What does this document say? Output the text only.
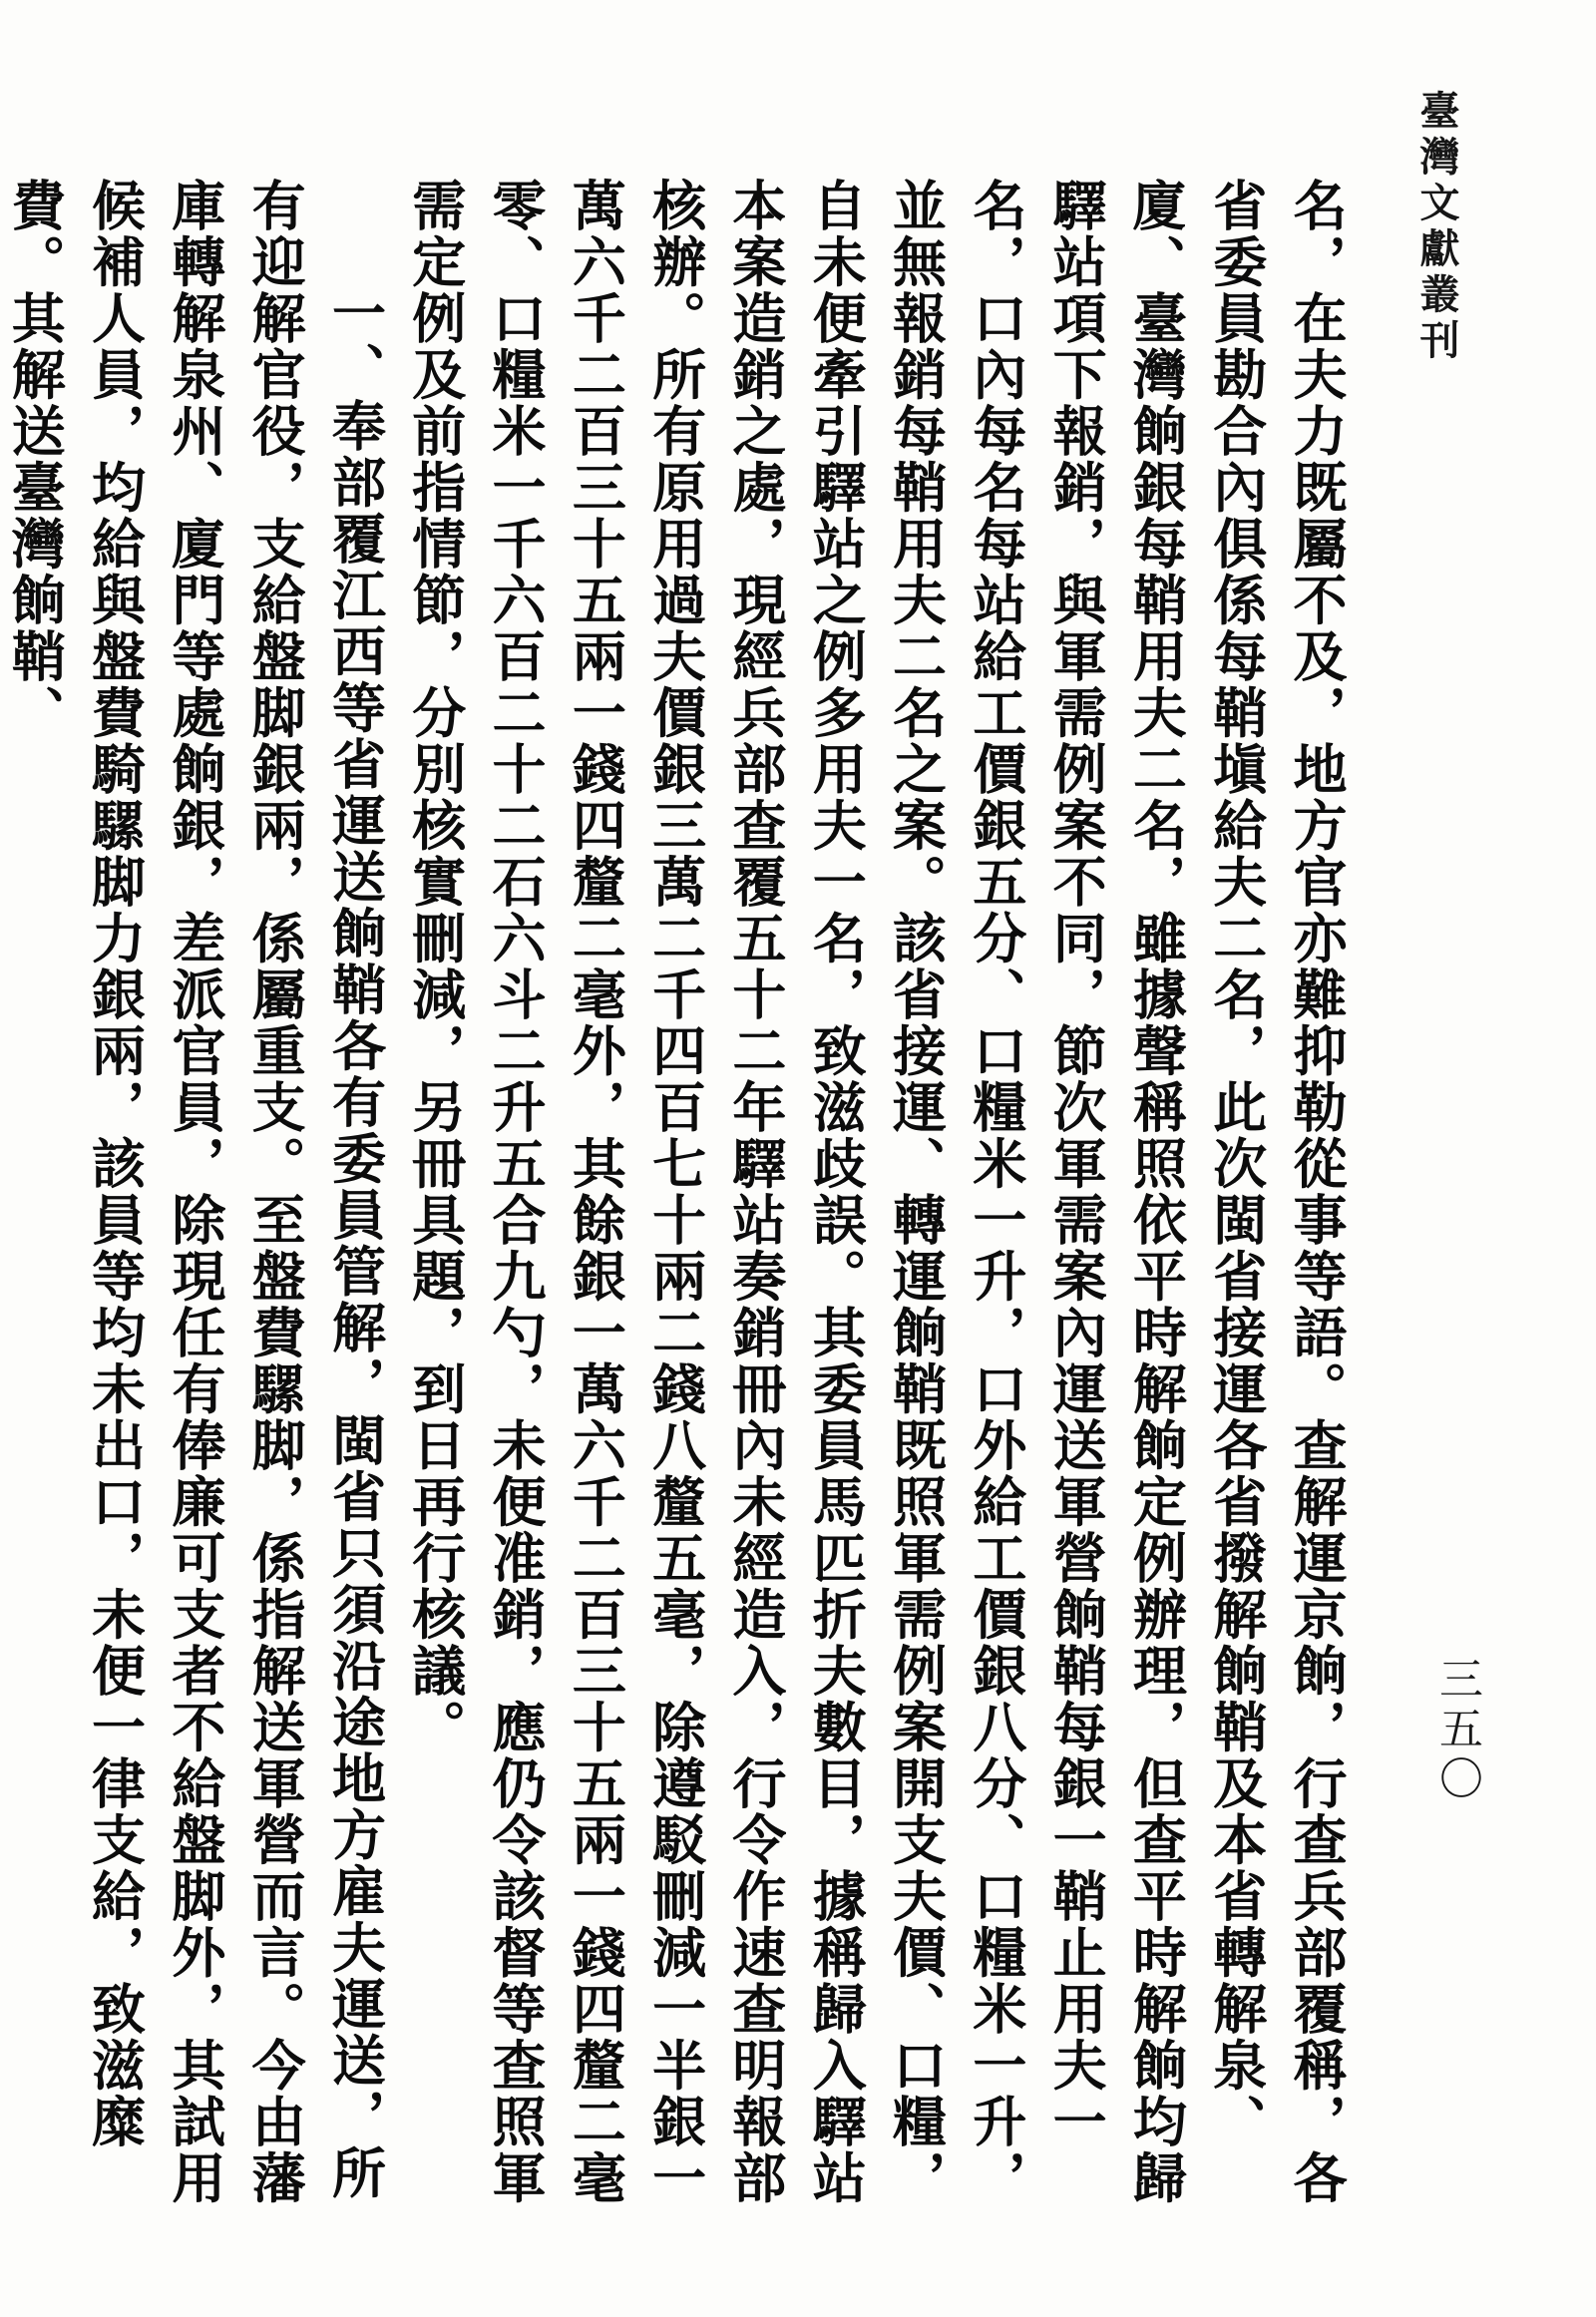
臺灣文獻叢刊
三五〇

名，在夫力既屬不及，地方官亦難抑勒從事等語。查解運京餉，行查兵部覆稱，各省委員勘合內俱係每鞘塡給夫二名，此次閩省接運各省撥解餉鞘及本省轉解泉、廈、臺灣餉銀每鞘用夫二名，雖據聲稱照依平時解餉定例辦理，但查平時解餉均歸驛站項下報銷，與軍需例案不同，節次軍需案內運送軍營餉鞘每銀一鞘止用夫一名，口內每名每站給工價銀五分、口糧米一升，口外給工價銀八分、口糧米一升，並無報銷每鞘用夫二名之案。該省接運、轉運餉鞘既照軍需例案開支夫價、口糧，自未便牽引驛站之例多用夫一名，致滋歧誤。其委員馬匹折夫數目，據稱歸入驛站本案造銷之處，現經兵部查覆五十二年驛站奏銷冊內未經造入，行令作速查明報部核辦。所有原用過夫價銀三萬二千四百七十兩二錢八釐五毫，除遵駁刪減一半銀一萬六千二百三十五兩一錢四釐二毫外，其餘銀一萬六千二百三十五兩一錢四釐二毫零、口糧米一千六百二十二石六斗二升五合九勺，未便准銷，應仍令該督等查照軍需定例及前指情節，分別核實刪減，另冊具題，到日再行核議。

一、奉部覆江西等省運送餉鞘各有委員管解，閩省只須沿途地方雇夫運送，所有迎解官役，支給盤脚銀兩，係屬重支。至盤費騾脚，係指解送軍營而言。今由藩庫轉解泉州、廈門等處餉銀，差派官員，除現任有俸廉可支者不給盤脚外，其試用候補人員，均給與盤費騎騾脚力銀兩，該員等均未出口，未便一律支給，致滋糜費。其解送臺灣餉鞘、
